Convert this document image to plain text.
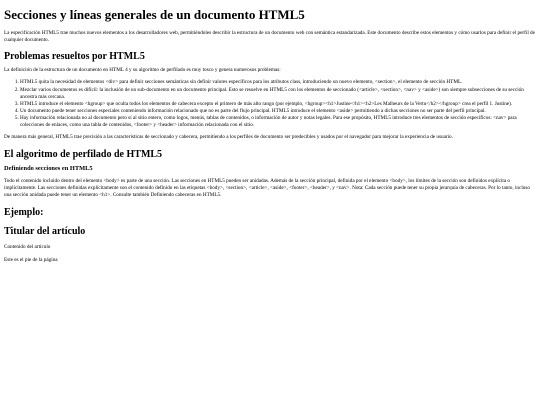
Secciones y líneas generales de un documento HTML5

La especificación HTML5 trae muchos nuevos elementos a los desarrolladores web, permitiéndoles describir la estructura de un documento web con semántica estandarizada. Este documento describe estos elementos y cómo usarlos para definir el perfil de cualquier documento.

Problemas resueltos por HTML5

La definición de la estructura de un documento en HTML 4 y su algoritmo de perfilado es muy tosco y genera numerosos problemas:

1. HTML5 quita la necesidad de elementos <div> para definir secciones semánticas sin definir valores específicos para los atributos class, introduciendo un nuevo elemento, <section>, el elemento de sección HTML.
2. Mezclar varios documentos es difícil: la inclusión de un sub-documento en un documento principal. Esto se resuelve en HTML5 con los elementos de seccionado (<article>, <section>, <nav> y <aside>) son siempre subsecciones de su sección ancestra más cercana.
3. HTML5 introduce el elemento <hgroup> que oculta todos los elementos de cabecera excepto el primero de más alto rango (por ejemplo, <hgroup><h1>Justine</h1><h2>Les Malheurs de la Vertu</h2></hgroup> crea el perfil 1. Justine).
4. Un documento puede tener secciones especiales conteniendo información relacionado que no es parte del flujo principal. HTML5 introduce el elemento <aside> permitiendo a dichas secciones no ser parte del perfil principal.
5. Hay información relacionada no al documento pero sí al sitio entero, como logos, menús, tablas de contenidos, o información de autor y notas legales. Para ese propósito, HTML5 introduce tres elementos de sección específicos: <nav> para colecciones de enlaces, como una tabla de contenidos, <footer> y <header> información relacionada con el sitio.

De manera más general, HTML5 trae precisión a las características de seccionado y cabecera, permitiendo a los perfiles de documento ser predecibles y usados por el navegador para mejorar la experiencia de usuario.

El algoritmo de perfilado de HTML5
Definiendo secciones en HTML5

Todo el contenido incluido dentro del elemento <body> es parte de una sección. Las secciones en HTML5 pueden ser anidadas. Además de la sección principal, definida por el elemento <body>, los límites de la sección son definidos explícita o implícitamente. Las secciones definidas explícitamente son el contenido definido en las etiquetas <body>, <section>, <article>, <aside>, <footer>, <header>, y <nav>. Nota: Cada sección puede tener su propia jerarquía de cabeceras. Por lo tanto, incluso una sección anidada puede tener un elemento <h1>. Consulte también Definiendo cabeceras en HTML5.

Ejemplo:
Titular del artículo

Contenido del artículo

Este es el pie de la página
